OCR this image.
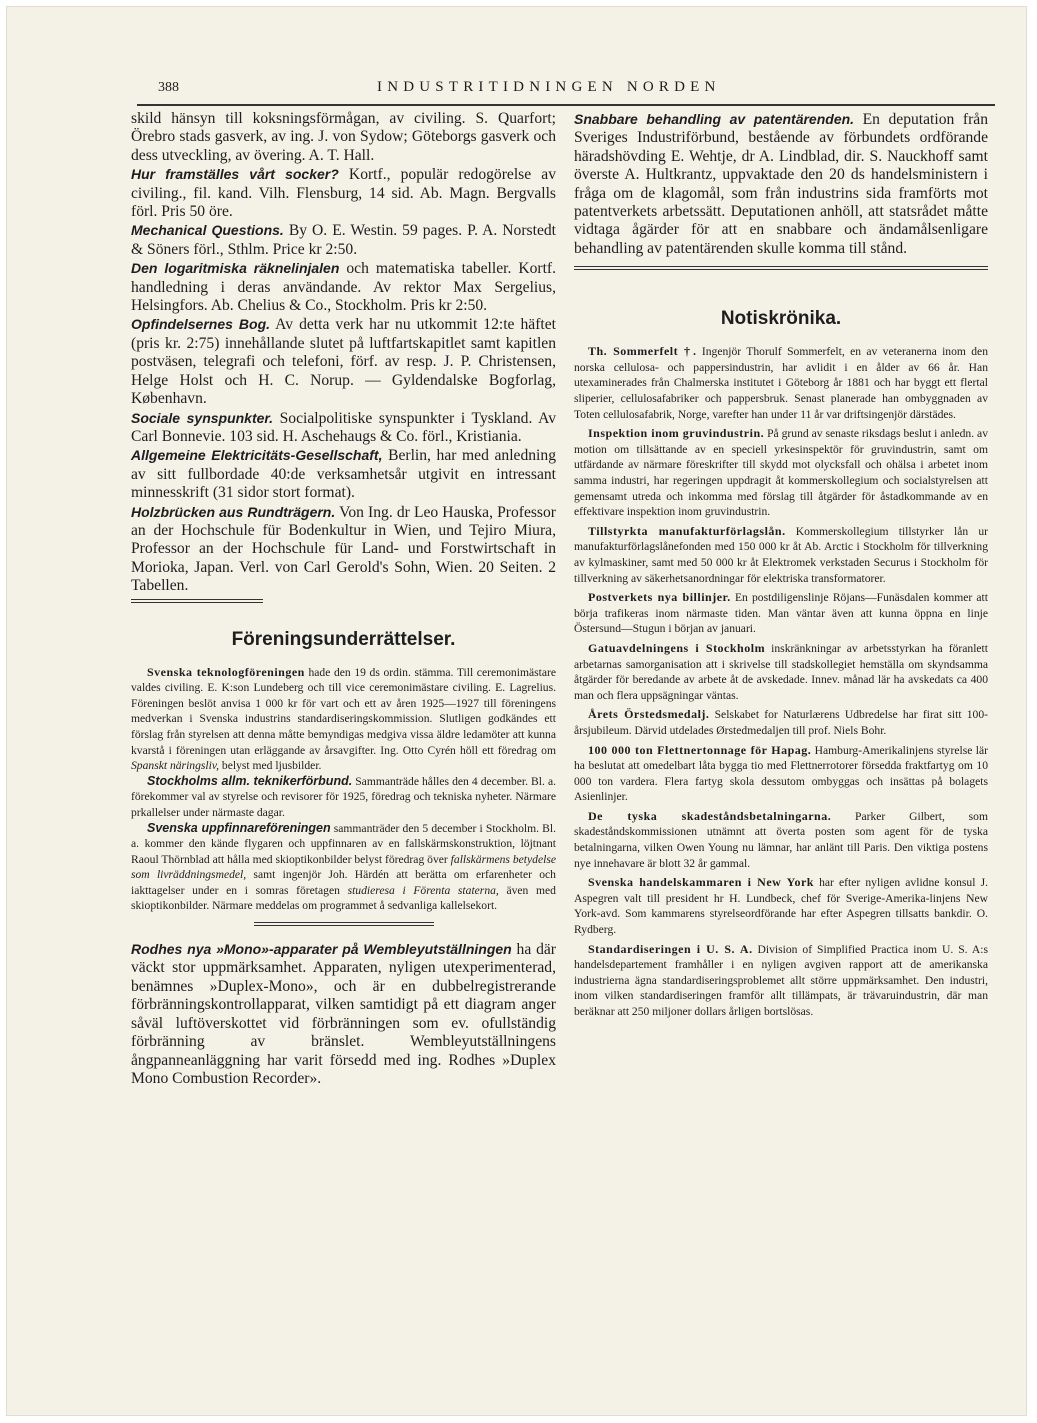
388	INDUSTRITIDNINGEN NORDEN

skild hänsyn till koksningsförmågan, av civiling. S. Quarfort; Örebro stads gasverk, av ing. J. von Sydow; Göteborgs gasverk och dess utveckling, av övering. A. T. Hall.

Hur framställes vårt socker? Kortf., populär redogörelse av civiling., fil. kand. Vilh. Flensburg, 14 sid. Ab. Magn. Bergvalls förl. Pris 50 öre.

Mechanical Questions. By O. E. Westin. 59 pages. P. A. Norstedt & Söners förl., Sthlm. Price kr 2:50.

Den logaritmiska räknelinjalen och matematiska tabeller. Kortf. handledning i deras användande. Av rektor Max Sergelius, Helsingfors. Ab. Chelius & Co., Stockholm. Pris kr 2:50.

Opfindelsernes Bog. Av detta verk har nu utkommit 12:te häftet (pris kr. 2:75) innehållande slutet på luftfartskapitlet samt kapitlen postväsen, telegrafi och telefoni, förf. av resp. J. P. Christensen, Helge Holst och H. C. Norup. — Gyldendalske Bogforlag, København.

Sociale synspunkter. Socialpolitiske synspunkter i Tyskland. Av Carl Bonnevie. 103 sid. H. Aschehaugs & Co. förl., Kristiania.

Allgemeine Elektricitäts-Gesellschaft, Berlin, har med anledning av sitt fullbordade 40:de verksamhetsår utgivit en intressant minnesskrift (31 sidor stort format).

Holzbrücken aus Rundträgern. Von Ing. dr Leo Hauska, Professor an der Hochschule für Bodenkultur in Wien, und Tejiro Miura, Professor an der Hochschule für Land- und Forstwirtschaft in Morioka, Japan. Verl. von Carl Gerold's Sohn, Wien. 20 Seiten. 2 Tabellen.

Föreningsunderrättelser.

Svenska teknologföreningen hade den 19 ds ordin. stämma. Till ceremonimästare valdes civiling. E. K:son Lundeberg och till vice ceremonimästare civiling. E. Lagrelius. Föreningen beslöt anvisa 1 000 kr för vart och ett av åren 1925—1927 till föreningens medverkan i Svenska industrins standardiseringskommission. Slutligen godkändes ett förslag från styrelsen att denna måtte bemyndigas medgiva vissa äldre ledamöter att kunna kvarstå i föreningen utan erläggande av årsavgifter. Ing. Otto Cyrén höll ett föredrag om Spanskt näringsliv, belyst med ljusbilder.

Stockholms allm. teknikerförbund. Sammanträde hålles den 4 december. Bl. a. förekommer val av styrelse och revisorer för 1925, föredrag och tekniska nyheter. Närmare prkallelser under närmaste dagar.

Svenska uppfinnareföreningen sammanträder den 5 december i Stockholm. Bl. a. kommer den kände flygaren och uppfinnaren av en fallskärmskonstruktion, löjtnant Raoul Thörnblad att hålla med skioptikonbilder belyst föredrag över fallskärmens betydelse som livräddningsmedel, samt ingenjör Joh. Härdén att berätta om erfarenheter och iakttagelser under en i somras företagen studieresa i Förenta staterna, även med skioptikonbilder. Närmare meddelas om programmet å sedvanliga kallelsekort.

Rodhes nya »Mono»-apparater på Wembleyutställningen ha där väckt stor uppmärksamhet. Apparaten, nyligen utexperimenterad, benämnes »Duplex-Mono», och är en dubbelregistrerande förbränningskontrollapparat, vilken samtidigt på ett diagram anger såväl luftöverskottet vid förbränningen som ev. ofullständig förbränning av bränslet. Wembleyutställningens ångpanneanläggning har varit försedd med ing. Rodhes »Duplex Mono Combustion Recorder».

Snabbare behandling av patentärenden. En deputation från Sveriges Industriförbund, bestående av förbundets ordförande häradshövding E. Wehtje, dr A. Lindblad, dir. S. Nauckhoff samt överste A. Hultkrantz, uppvaktade den 20 ds handelsministern i fråga om de klagomål, som från industrins sida framförts mot patentverkets arbetssätt. Deputationen anhöll, att statsrådet måtte vidtaga ågärder för att en snabbare och ändamålsenligare behandling av patentärenden skulle komma till stånd.

Notiskrönika.

Th. Sommerfelt †. Ingenjör Thorulf Sommerfelt, en av veteranerna inom den norska cellulosa- och pappersindustrin, har avlidit i en ålder av 66 år. Han utexaminerades från Chalmerska institutet i Göteborg år 1881 och har byggt ett flertal sliperier, cellulosafabriker och pappersbruk. Senast planerade han ombyggnaden av Toten cellulosafabrik, Norge, varefter han under 11 år var driftsingenjör därstädes.

Inspektion inom gruvindustrin. På grund av senaste riksdags beslut i anledn. av motion om tillsättande av en speciell yrkesinspektör för gruvindustrin, samt om utfärdande av närmare föreskrifter till skydd mot olycksfall och ohälsa i arbetet inom samma industri, har regeringen uppdragit åt kommerskollegium och socialstyrelsen att gemensamt utreda och inkomma med förslag till åtgärder för åstadkommande av en effektivare inspektion inom gruvindustrin.

Tillstyrkta manufakturförlagslån. Kommerskollegium tillstyrker lån ur manufakturförlagslånefonden med 150 000 kr åt Ab. Arctic i Stockholm för tillverkning av kylmaskiner, samt med 50 000 kr åt Elektromek verkstaden Securus i Stockholm för tillverkning av säkerhetsanordningar för elektriska transformatorer.

Postverkets nya billinjer. En postdiligenslinje Röjans—Funäsdalen kommer att börja trafikeras inom närmaste tiden. Man väntar även att kunna öppna en linje Östersund—Stugun i början av januari.

Gatuavdelningens i Stockholm inskränkningar av arbetsstyrkan ha föranlett arbetarnas samorganisation att i skrivelse till stadskollegiet hemställa om skyndsamma åtgärder för beredande av arbete åt de avskedade. Innev. månad lär ha avskedats ca 400 man och flera uppsägningar väntas.

Årets Örstedsmedalj. Selskabet for Naturlærens Udbredelse har firat sitt 100-årsjubileum. Därvid utdelades Ørstedmedaljen till prof. Niels Bohr.

100 000 ton Flettnertonnage för Hapag. Hamburg-Amerikalinjens styrelse lär ha beslutat att omedelbart låta bygga tio med Flettnerrotorer försedda fraktfartyg om 10 000 ton vardera. Flera fartyg skola dessutom ombyggas och insättas på bolagets Asienlinjer.

De tyska skadeståndsbetalningarna. Parker Gilbert, som skadeståndskommissionen utnämnt att överta posten som agent för de tyska betalningarna, vilken Owen Young nu lämnar, har anlänt till Paris. Den viktiga postens nye innehavare är blott 32 år gammal.

Svenska handelskammaren i New York har efter nyligen avlidne konsul J. Aspegren valt till president hr H. Lundbeck, chef för Sverige-Amerika-linjens New York-avd. Som kammarens styrelseordförande har efter Aspegren tillsatts bankdir. O. Rydberg.

Standardiseringen i U. S. A. Division of Simplified Practica inom U. S. A:s handelsdepartement framhåller i en nyligen avgiven rapport att de amerikanska industrierna ägna standardiseringsproblemet allt större uppmärksamhet. Den industri, inom vilken standardiseringen framför allt tillämpats, är trävaruindustrin, där man beräknar att 250 miljoner dollars årligen bortslösas.
